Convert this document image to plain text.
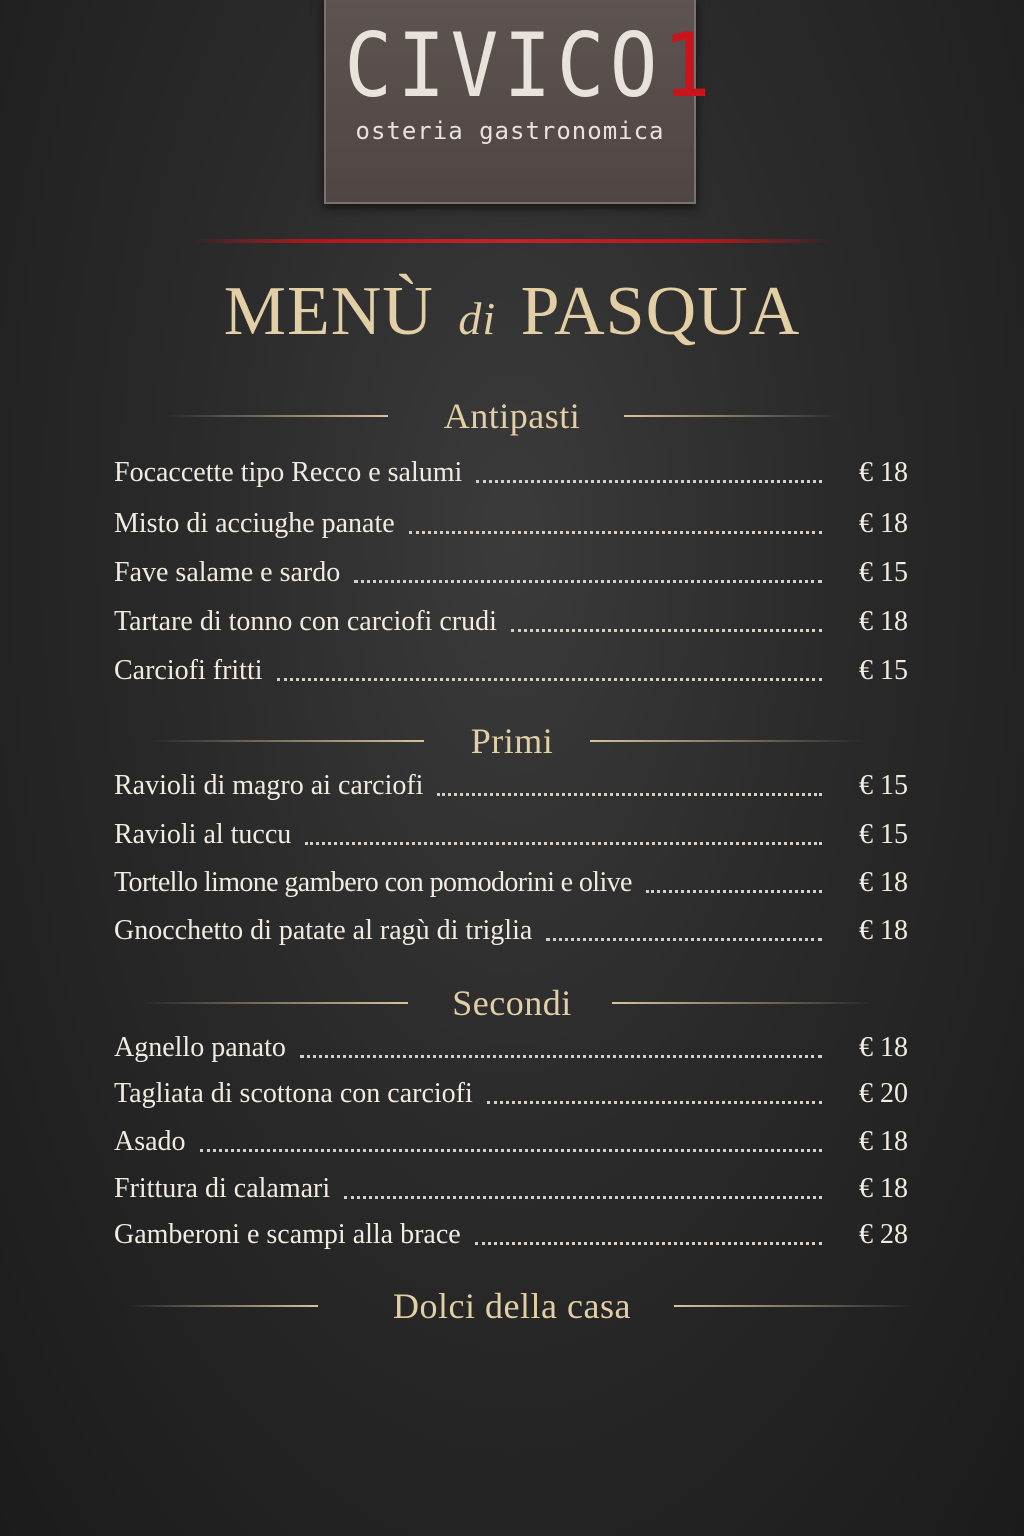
CIVICO1
osteria gastronomica
MENÙ di PASQUA
Antipasti
Focaccette tipo Recco e salumi	€ 18
Misto di acciughe panate	€ 18
Fave salame e sardo	€ 15
Tartare di tonno con carciofi crudi	€ 18
Carciofi fritti	€ 15
Primi
Ravioli di magro ai carciofi	€ 15
Ravioli al tuccu	€ 15
Tortello limone gambero con pomodorini e olive	€ 18
Gnocchetto di patate al ragù di triglia	€ 18
Secondi
Agnello panato	€ 18
Tagliata di scottona con carciofi	€ 20
Asado	€ 18
Frittura di calamari	€ 18
Gamberoni e scampi alla brace	€ 28
Dolci della casa
